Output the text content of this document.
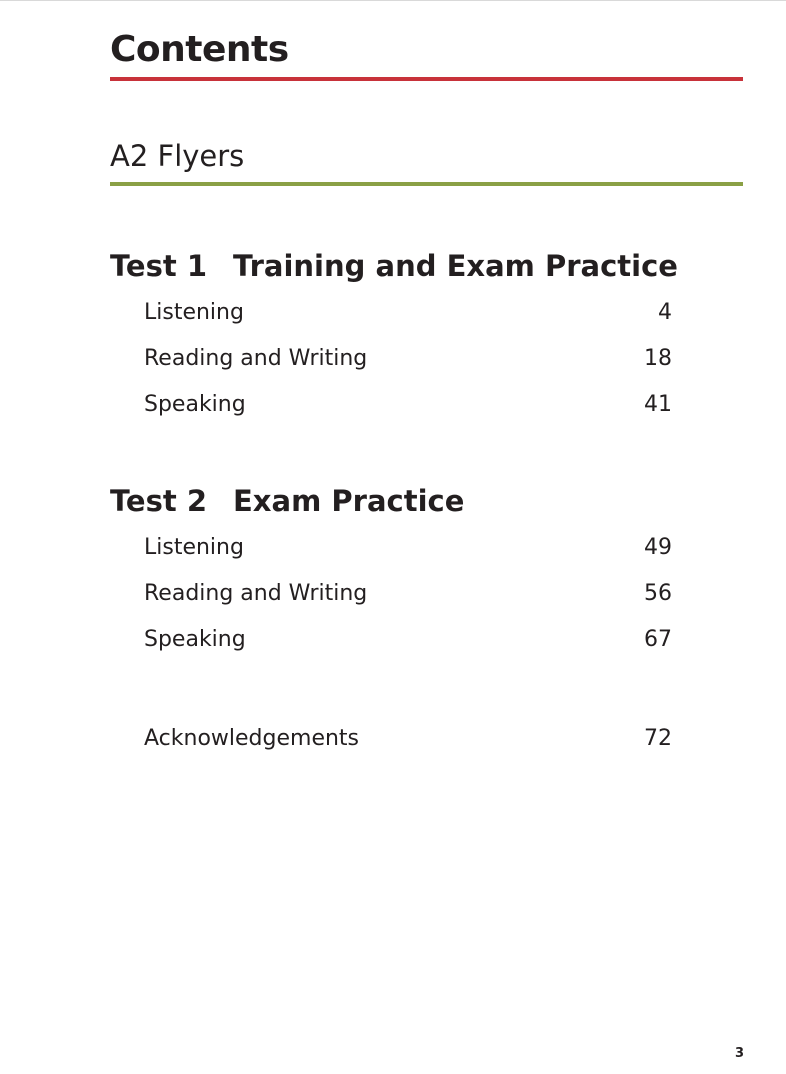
Contents
A2 Flyers
Test 1 Training and Exam Practice
Listening	4
Reading and Writing	18
Speaking	41
Test 2 Exam Practice
Listening	49
Reading and Writing	56
Speaking	67
Acknowledgements	72
3
